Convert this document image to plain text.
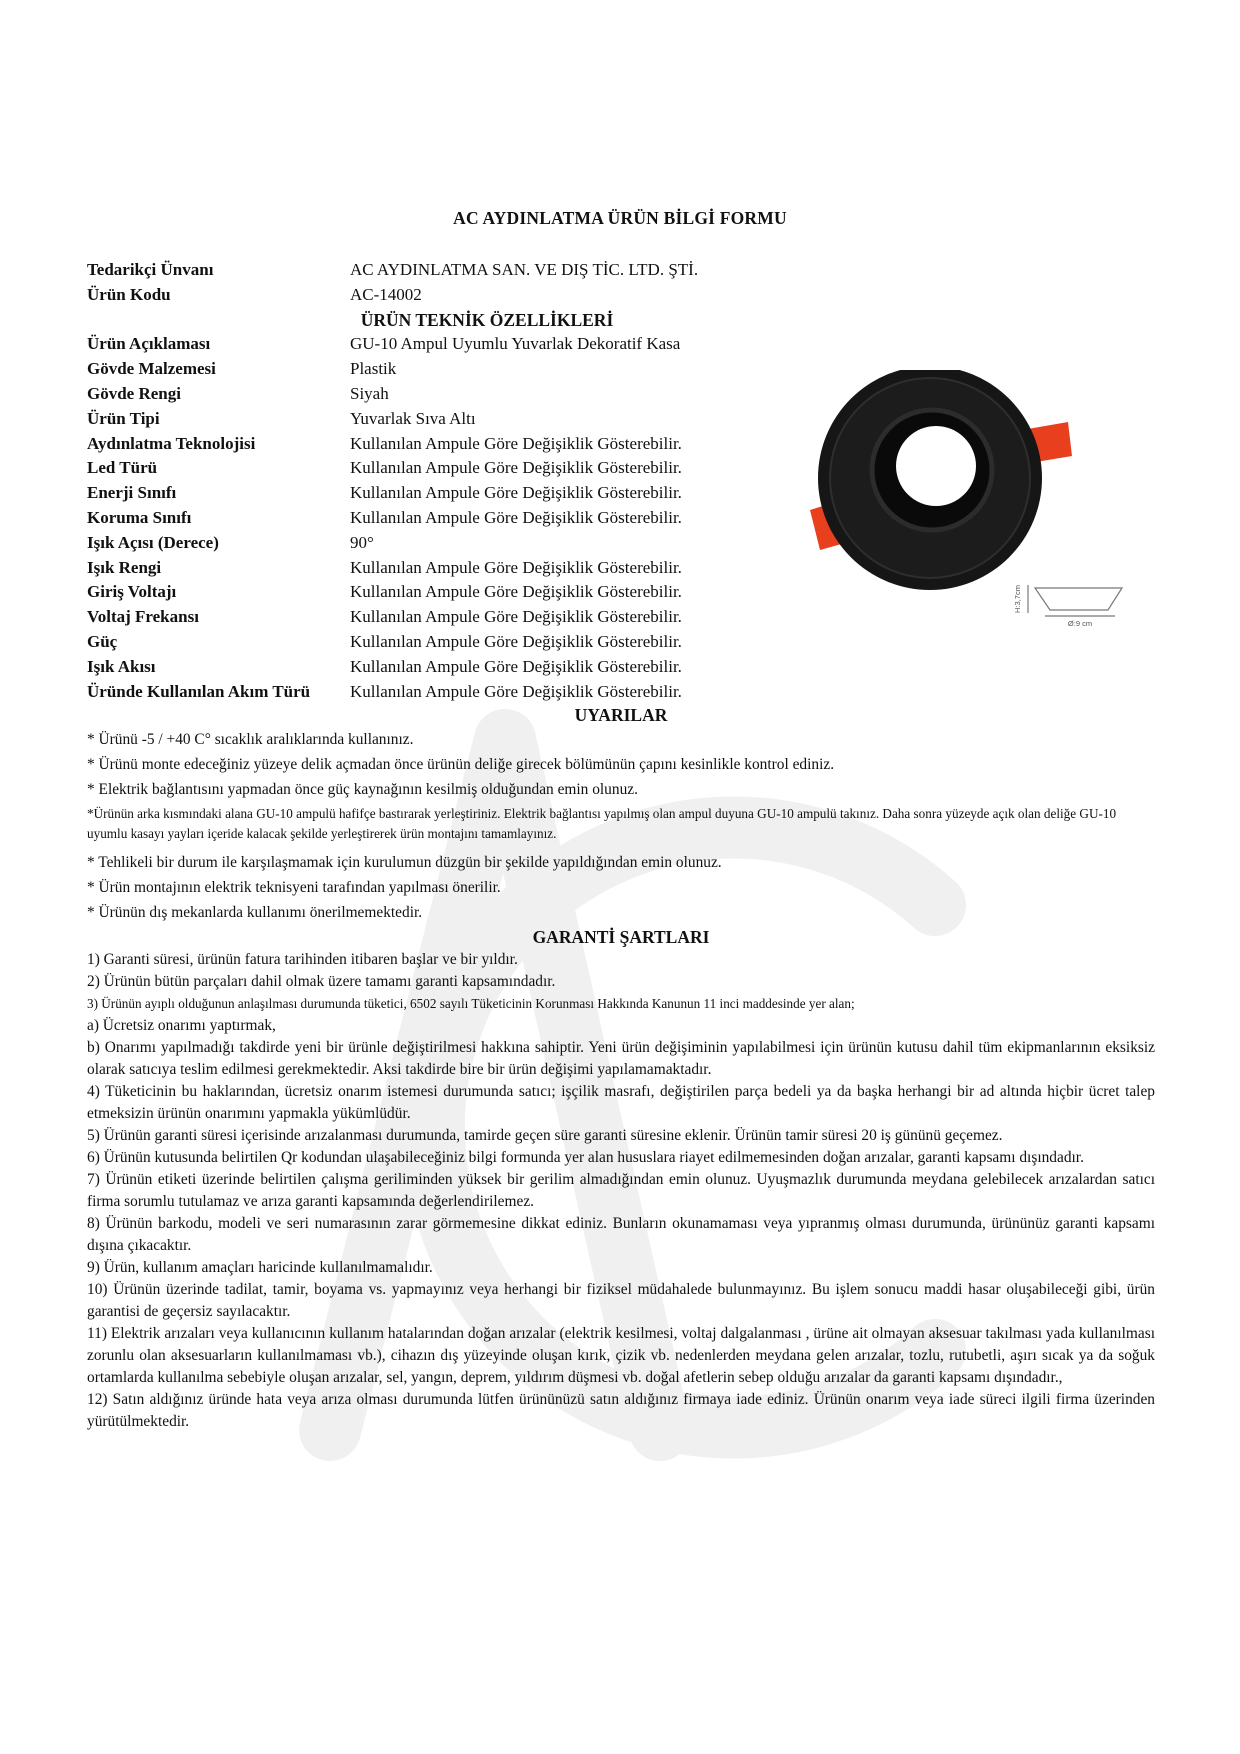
AC AYDINLATMA ÜRÜN BİLGİ FORMU
Tedarikçi Ünvanı	AC AYDINLATMA SAN. VE DIŞ TİC. LTD. ŞTİ.
Ürün Kodu	AC-14002
ÜRÜN TEKNİK ÖZELLİKLERİ
Ürün Açıklaması	GU-10 Ampul Uyumlu Yuvarlak Dekoratif Kasa
Gövde Malzemesi	Plastik
Gövde Rengi	Siyah
Ürün Tipi	Yuvarlak Sıva Altı
Aydınlatma Teknolojisi	Kullanılan Ampule Göre Değişiklik Gösterebilir.
Led Türü	Kullanılan Ampule Göre Değişiklik Gösterebilir.
Enerji Sınıfı	Kullanılan Ampule Göre Değişiklik Gösterebilir.
Koruma Sınıfı	Kullanılan Ampule Göre Değişiklik Gösterebilir.
Işık Açısı (Derece)	90°
Işık Rengi	Kullanılan Ampule Göre Değişiklik Gösterebilir.
Giriş Voltajı	Kullanılan Ampule Göre Değişiklik Gösterebilir.
Voltaj Frekansı	Kullanılan Ampule Göre Değişiklik Gösterebilir.
Güç	Kullanılan Ampule Göre Değişiklik Gösterebilir.
Işık Akısı	Kullanılan Ampule Göre Değişiklik Gösterebilir.
Üründe Kullanılan Akım Türü	Kullanılan Ampule Göre Değişiklik Gösterebilir.
H:3,7cm
Ø:9 cm
UYARILAR
* Ürünü -5 / +40 C° sıcaklık aralıklarında kullanınız.
* Ürünü monte edeceğiniz yüzeye delik açmadan önce ürünün deliğe girecek bölümünün çapını kesinlikle kontrol ediniz.
* Elektrik bağlantısını yapmadan önce güç kaynağının kesilmiş olduğundan emin olunuz.
*Ürünün arka kısmındaki alana GU-10 ampulü hafifçe bastırarak yerleştiriniz. Elektrik bağlantısı yapılmış olan ampul duyuna GU-10 ampulü takınız. Daha sonra yüzeyde açık olan deliğe GU-10 uyumlu kasayı yayları içeride kalacak şekilde yerleştirerek ürün montajını tamamlayınız.
* Tehlikeli bir durum ile karşılaşmamak için kurulumun düzgün bir şekilde yapıldığından emin olunuz.
* Ürün montajının elektrik teknisyeni tarafından yapılması önerilir.
* Ürünün dış mekanlarda kullanımı önerilmemektedir.
GARANTİ ŞARTLARI

1) Garanti süresi, ürünün fatura tarihinden itibaren başlar ve bir yıldır.

2) Ürünün bütün parçaları dahil olmak üzere tamamı garanti kapsamındadır.

3) Ürünün ayıplı olduğunun anlaşılması durumunda tüketici, 6502 sayılı Tüketicinin Korunması Hakkında Kanunun 11 inci maddesinde yer alan;

a) Ücretsiz onarımı yaptırmak,

b) Onarımı yapılmadığı takdirde yeni bir ürünle değiştirilmesi hakkına sahiptir. Yeni ürün değişiminin yapılabilmesi için ürünün kutusu dahil tüm ekipmanlarının eksiksiz olarak satıcıya teslim edilmesi gerekmektedir. Aksi takdirde bire bir ürün değişimi yapılamamaktadır.

4) Tüketicinin bu haklarından, ücretsiz onarım istemesi durumunda satıcı; işçilik masrafı, değiştirilen parça bedeli ya da başka herhangi bir ad altında hiçbir ücret talep etmeksizin ürünün onarımını yapmakla yükümlüdür.

5) Ürünün garanti süresi içerisinde arızalanması durumunda, tamirde geçen süre garanti süresine eklenir. Ürünün tamir süresi 20 iş gününü geçemez.

6) Ürünün kutusunda belirtilen Qr kodundan ulaşabileceğiniz bilgi formunda yer alan hususlara riayet edilmemesinden doğan arızalar, garanti kapsamı dışındadır.

7) Ürünün etiketi üzerinde belirtilen çalışma geriliminden yüksek bir gerilim almadığından emin olunuz. Uyuşmazlık durumunda meydana gelebilecek arızalardan satıcı firma sorumlu tutulamaz ve arıza garanti kapsamında değerlendirilemez.

8) Ürünün barkodu, modeli ve seri numarasının zarar görmemesine dikkat ediniz. Bunların okunamaması veya yıpranmış olması durumunda, ürününüz garanti kapsamı dışına çıkacaktır.

9) Ürün, kullanım amaçları haricinde kullanılmamalıdır.

10) Ürünün üzerinde tadilat, tamir, boyama vs. yapmayınız veya herhangi bir fiziksel müdahalede bulunmayınız. Bu işlem sonucu maddi hasar oluşabileceği gibi, ürün garantisi de geçersiz sayılacaktır.

11) Elektrik arızaları veya kullanıcının kullanım hatalarından doğan arızalar (elektrik kesilmesi, voltaj dalgalanması , ürüne ait olmayan aksesuar takılması yada kullanılması zorunlu olan aksesuarların kullanılmaması vb.), cihazın dış yüzeyinde oluşan kırık, çizik vb. nedenlerden meydana gelen arızalar, tozlu, rutubetli, aşırı sıcak ya da soğuk ortamlarda kullanılma sebebiyle oluşan arızalar, sel, yangın, deprem, yıldırım düşmesi vb. doğal afetlerin sebep olduğu arızalar da garanti kapsamı dışındadır.,

12) Satın aldığınız üründe hata veya arıza olması durumunda lütfen ürününüzü satın aldığınız firmaya iade ediniz. Ürünün onarım veya iade süreci ilgili firma üzerinden yürütülmektedir.
